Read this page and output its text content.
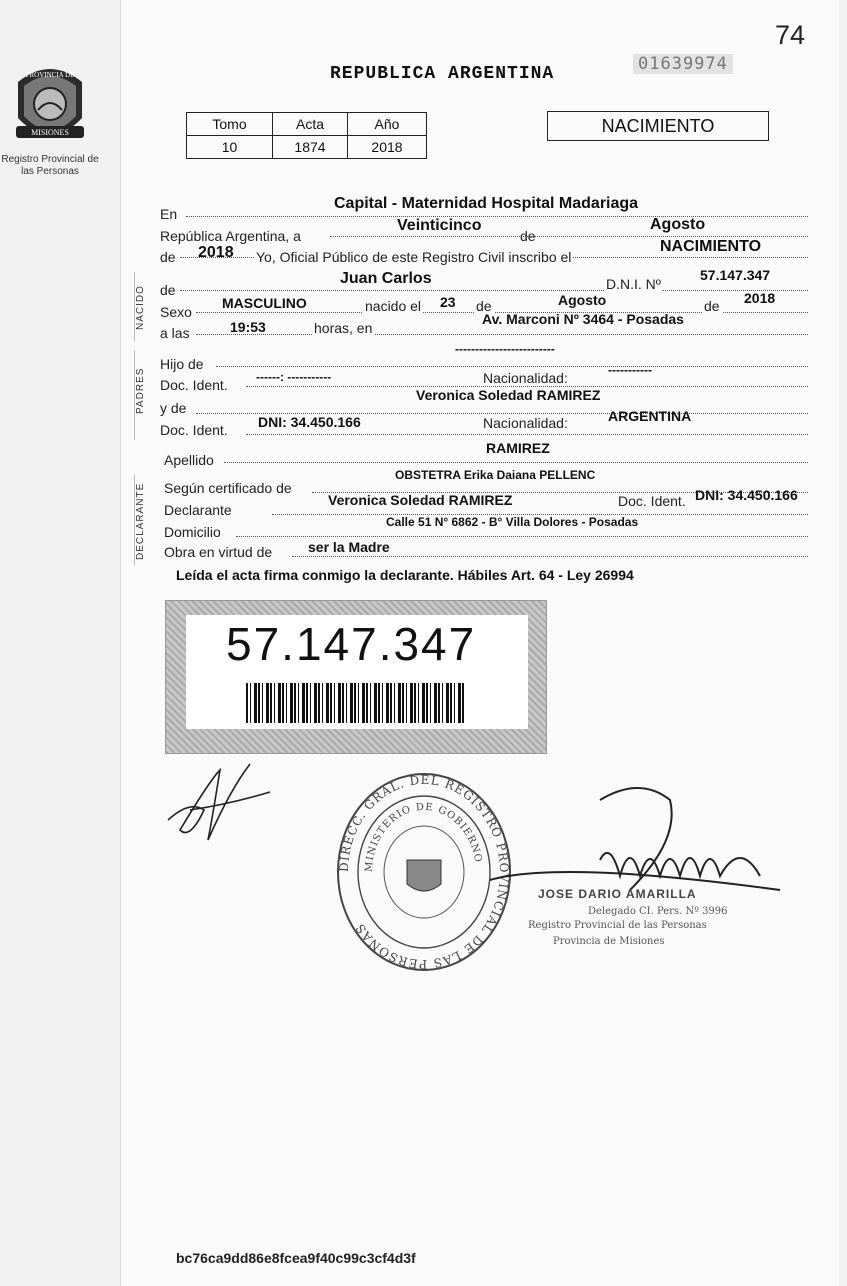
74
REPUBLICA ARGENTINA	01639974
PROVINCIA DE
MISIONES
Registro Provincial de las Personas
Tomo	Acta	Año
10	1874	2018
NACIMIENTO
En
Capital - Maternidad Hospital Madariaga
República Argentina, a
Veinticinco
de
Agosto
de 2018 Yo, Oficial Público de este Registro Civil inscribo el
NACIMIENTO
NACIDO de
Juan Carlos	D.N.I. Nº
57.147.347
Sexo
MASCULINO	nacido el 23 de	Agosto	de 2018
a las	19:53	horas, en
Av. Marconi Nº 3464 - Posadas
PADRES
Hijo de
-------------------------
Doc. Ident. ------: -----------	Nacionalidad:	-----------
y de
Veronica Soledad RAMIREZ
Doc. Ident. DNI: 34.450.166	Nacionalidad:	ARGENTINA
Apellido
RAMIREZ
DECLARANTE Según certificado de
OBSTETRA Erika Daiana PELLENC
Declarante
Veronica Soledad RAMIREZ	Doc. Ident. DNI: 34.450.166
Domicilio
Calle 51 N° 6862 - B° Villa Dolores - Posadas
Obra en virtud de	ser la Madre
Leída el acta firma conmigo la declarante. Hábiles Art. 64 - Ley 26994
57.147.347
DIRECC. GRAL. DEL REGISTRO PROVINCIAL DE LAS PERSONAS
MINISTERIO DE GOBIERNO
JOSE DARIO AMARILLA
Delegado CI. Pers. Nº 3996
Registro Provincial de las Personas
Provincia de Misiones
bc76ca9dd86e8fcea9f40c99c3cf4d3f
